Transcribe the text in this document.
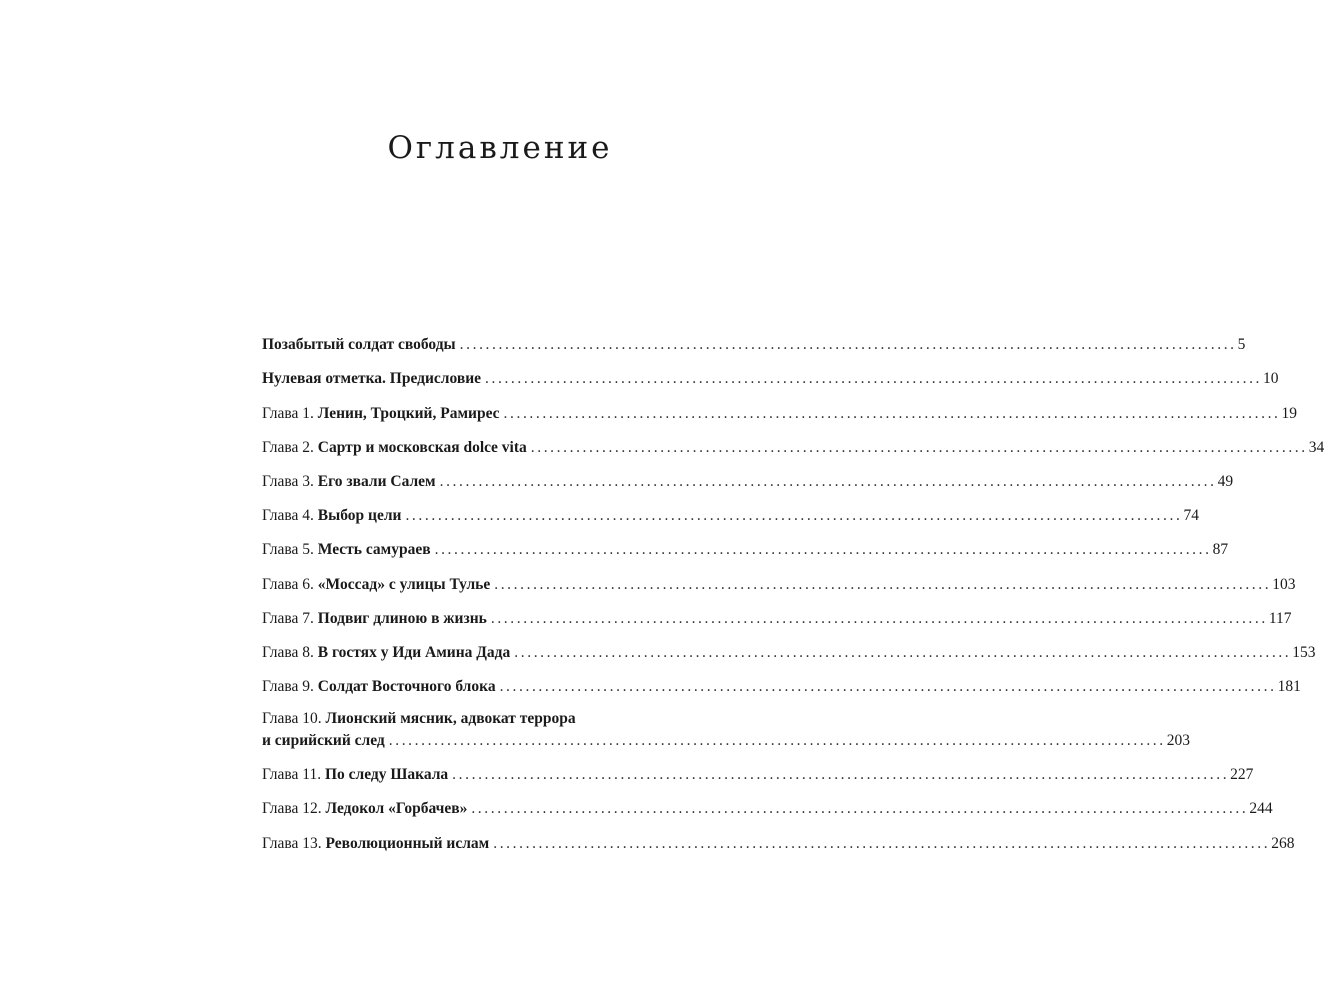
Оглавление
Позабытый солдат свободы ........................................................................................................................ 5
Нулевая отметка. Предисловие ........................................................................................................................ 10
Глава 1. Ленин, Троцкий, Рамирес ........................................................................................................................ 19
Глава 2. Сартр и московская dolce vita ........................................................................................................................ 34
Глава 3. Его звали Салем ........................................................................................................................ 49
Глава 4. Выбор цели ........................................................................................................................ 74
Глава 5. Месть самураев ........................................................................................................................ 87
Глава 6. «Моссад» с улицы Тулье ........................................................................................................................ 103
Глава 7. Подвиг длиною в жизнь ........................................................................................................................ 117
Глава 8. В гостях у Иди Амина Дада ........................................................................................................................ 153
Глава 9. Солдат Восточного блока ........................................................................................................................ 181
Глава 10. Лионский мясник, адвокат террора
и сирийский след ........................................................................................................................ 203
Глава 11. По следу Шакала ........................................................................................................................ 227
Глава 12. Ледокол «Горбачев» ........................................................................................................................ 244
Глава 13. Революционный ислам ........................................................................................................................ 268
